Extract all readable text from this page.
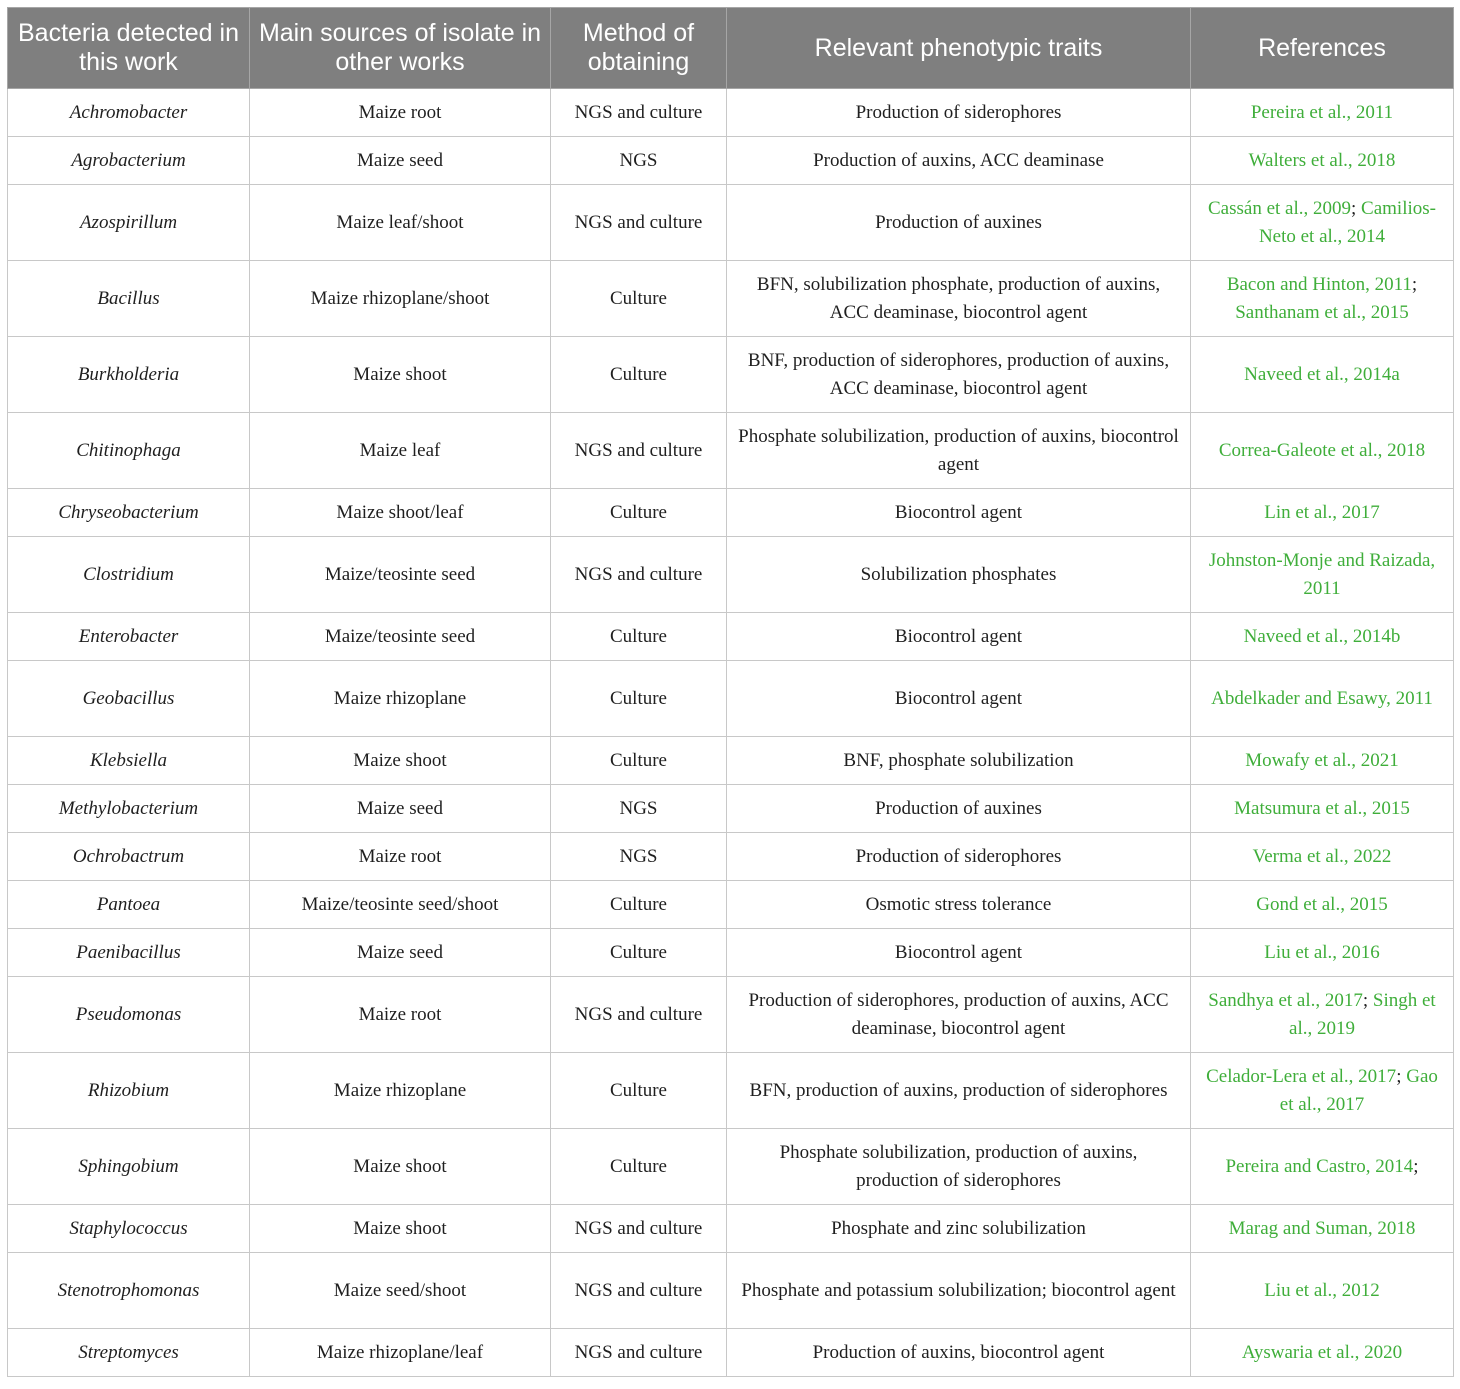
Bacteria detected in this work	Main sources of isolate in other works	Method of obtaining	Relevant phenotypic traits	References
Achromobacter	Maize root	NGS and culture	Production of siderophores	Pereira et al., 2011
Agrobacterium	Maize seed	NGS	Production of auxins, ACC deaminase	Walters et al., 2018
Azospirillum	Maize leaf/shoot	NGS and culture	Production of auxines	Cassán et al., 2009; Camilios-Neto et al., 2014
Bacillus	Maize rhizoplane/shoot	Culture	BFN, solubilization phosphate, production of auxins, ACC deaminase, biocontrol agent	Bacon and Hinton, 2011; Santhanam et al., 2015
Burkholderia	Maize shoot	Culture	BNF, production of siderophores, production of auxins, ACC deaminase, biocontrol agent	Naveed et al., 2014a
Chitinophaga	Maize leaf	NGS and culture	Phosphate solubilization, production of auxins, biocontrol agent	Correa-Galeote et al., 2018
Chryseobacterium	Maize shoot/leaf	Culture	Biocontrol agent	Lin et al., 2017
Clostridium	Maize/teosinte seed	NGS and culture	Solubilization phosphates	Johnston-Monje and Raizada, 2011
Enterobacter	Maize/teosinte seed	Culture	Biocontrol agent	Naveed et al., 2014b
Geobacillus	Maize rhizoplane	Culture	Biocontrol agent	Abdelkader and Esawy, 2011
Klebsiella	Maize shoot	Culture	BNF, phosphate solubilization	Mowafy et al., 2021
Methylobacterium	Maize seed	NGS	Production of auxines	Matsumura et al., 2015
Ochrobactrum	Maize root	NGS	Production of siderophores	Verma et al., 2022
Pantoea	Maize/teosinte seed/shoot	Culture	Osmotic stress tolerance	Gond et al., 2015
Paenibacillus	Maize seed	Culture	Biocontrol agent	Liu et al., 2016
Pseudomonas	Maize root	NGS and culture	Production of siderophores, production of auxins, ACC deaminase, biocontrol agent	Sandhya et al., 2017; Singh et al., 2019
Rhizobium	Maize rhizoplane	Culture	BFN, production of auxins, production of siderophores	Celador-Lera et al., 2017; Gao et al., 2017
Sphingobium	Maize shoot	Culture	Phosphate solubilization, production of auxins, production of siderophores	Pereira and Castro, 2014;
Staphylococcus	Maize shoot	NGS and culture	Phosphate and zinc solubilization	Marag and Suman, 2018
Stenotrophomonas	Maize seed/shoot	NGS and culture	Phosphate and potassium solubilization; biocontrol agent	Liu et al., 2012
Streptomyces	Maize rhizoplane/leaf	NGS and culture	Production of auxins, biocontrol agent	Ayswaria et al., 2020
